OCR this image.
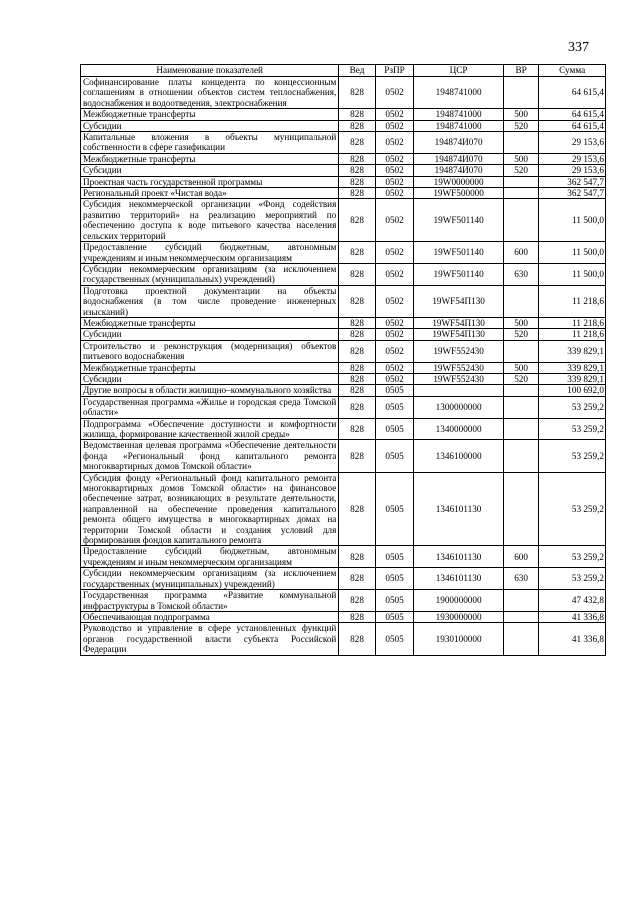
337
Наименование показателей	Вед	РзПР	ЦСР	ВР	Сумма
Софинансирование платы концедента по концессионным соглашениям в отношении объектов систем теплоснабжения, водоснабжения и водоотведения, электроснабжения	828	0502	1948741000		64 615,4
Межбюджетные трансферты	828	0502	1948741000	500	64 615,4
Субсидии	828	0502	1948741000	520	64 615,4
Капитальные вложения в объекты муниципальной собственности в сфере газификации	828	0502	194874И070		29 153,6
Межбюджетные трансферты	828	0502	194874И070	500	29 153,6
Субсидии	828	0502	194874И070	520	29 153,6
Проектная часть государственной программы	828	0502	19W0000000		362 547,7
Региональный проект «Чистая вода»	828	0502	19WF500000		362 547,7
Субсидия некоммерческой организации «Фонд содействия развитию территорий» на реализацию мероприятий по обеспечению доступа к воде питьевого качества населения сельских территорий	828	0502	19WF501140		11 500,0
Предоставление субсидий бюджетным, автономным учреждениям и иным некоммерческим организациям	828	0502	19WF501140	600	11 500,0
Субсидии некоммерческим организациям (за исключением государственных (муниципальных) учреждений)	828	0502	19WF501140	630	11 500,0
Подготовка проектной документации на объекты водоснабжения (в том числе проведение инженерных изысканий)	828	0502	19WF54П130		11 218,6
Межбюджетные трансферты	828	0502	19WF54П130	500	11 218,6
Субсидии	828	0502	19WF54П130	520	11 218,6
Строительство и реконструкция (модернизация) объектов питьевого водоснабжения	828	0502	19WF552430		339 829,1
Межбюджетные трансферты	828	0502	19WF552430	500	339 829,1
Субсидии	828	0502	19WF552430	520	339 829,1
Другие вопросы в области жилищно–коммунального хозяйства	828	0505			100 692,0
Государственная программа «Жилье и городская среда Томской области»	828	0505	1300000000		53 259,2
Подпрограмма «Обеспечение доступности и комфортности жилища, формирование качественной жилой среды»	828	0505	1340000000		53 259,2
Ведомственная целевая программа «Обеспечение деятельности фонда «Региональный фонд капитального ремонта многоквартирных домов Томской области»	828	0505	1346100000		53 259,2
Субсидия фонду «Региональный фонд капитального ремонта многоквартирных домов Томской области» на финансовое обеспечение затрат, возникающих в результате деятельности, направленной на обеспечение проведения капитального ремонта общего имущества в многоквартирных домах на территории Томской области и создания условий для формирования фондов капитального ремонта	828	0505	1346101130		53 259,2
Предоставление субсидий бюджетным, автономным учреждениям и иным некоммерческим организациям	828	0505	1346101130	600	53 259,2
Субсидии некоммерческим организациям (за исключением государственных (муниципальных) учреждений)	828	0505	1346101130	630	53 259,2
Государственная программа «Развитие коммунальной инфраструктуры в Томской области»	828	0505	1900000000		47 432,8
Обеспечивающая подпрограмма	828	0505	1930000000		41 336,8
Руководство и управление в сфере установленных функций органов государственной власти субъекта Российской Федерации	828	0505	1930100000		41 336,8
